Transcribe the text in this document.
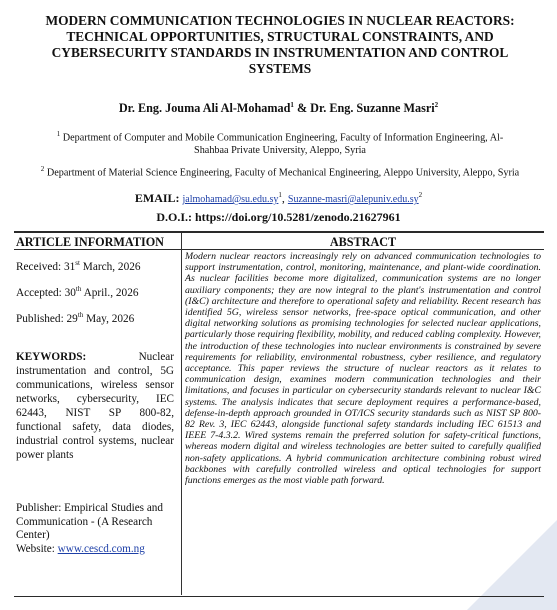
MODERN COMMUNICATION TECHNOLOGIES IN NUCLEAR REACTORS: TECHNICAL OPPORTUNITIES, STRUCTURAL CONSTRAINTS, AND CYBERSECURITY STANDARDS IN INSTRUMENTATION AND CONTROL SYSTEMS
Dr. Eng. Jouma Ali Al-Mohamad$^1$ & Dr. Eng. Suzanne Masri$^2$
$^1$ Department of Computer and Mobile Communication Engineering, Faculty of Information Engineering, Al-Shahbaa Private University, Aleppo, Syria
$^2$ Department of Material Science Engineering, Faculty of Mechanical Engineering, Aleppo University, Aleppo, Syria
EMAIL: $jalmohamad@su.edu.sy^1$, Suzanne-$masri@alepuniv.edu.sy^2$
D.O.I.: https://doi.org/10.5281/zenodo.21627961
ARTICLE INFORMATION
Received: 31st March, 2026
Accepted: 30th April., 2026
Published: 29th May, 2026
KEYWORDS:	Nuclear instrumentation and control, 5G communications, wireless sensor networks, cybersecurity, IEC 62443, NIST SP 800-82, functional safety, data diodes, industrial control systems, nuclear power plants
Publisher: Empirical Studies and Communication - (A Research Center)
Website: www.cescd.com.ng
ABSTRACT

Modern nuclear reactors increasingly rely on advanced communication technologies to support instrumentation, control, monitoring, maintenance, and plant-wide coordination. As nuclear facilities become more digitalized, communication systems are no longer auxiliary components; they are now integral to the plant's instrumentation and control (I&C) architecture and therefore to operational safety and reliability. Recent research has identified 5G, wireless sensor networks, free-space optical communication, and other digital networking solutions as promising technologies for selected nuclear applications, particularly those requiring flexibility, mobility, and reduced cabling complexity. However, the introduction of these technologies into nuclear environments is constrained by severe requirements for reliability, environmental robustness, cyber resilience, and regulatory acceptance. This paper reviews the structure of nuclear reactors as it relates to communication design, examines modern communication technologies and their limitations, and focuses in particular on cybersecurity standards relevant to nuclear I&C systems. The analysis indicates that secure deployment requires a performance-based, defense-in-depth approach grounded in OT/ICS security standards such as NIST SP 800-82 Rev. 3, IEC 62443, alongside functional safety standards including IEC 61513 and IEEE 7-4.3.2. Wired systems remain the preferred solution for safety-critical functions, whereas modern digital and wireless technologies are better suited to carefully qualified non-safety applications. A hybrid communication architecture combining robust wired backbones with carefully controlled wireless and optical technologies for support functions emerges as the most viable path forward.
